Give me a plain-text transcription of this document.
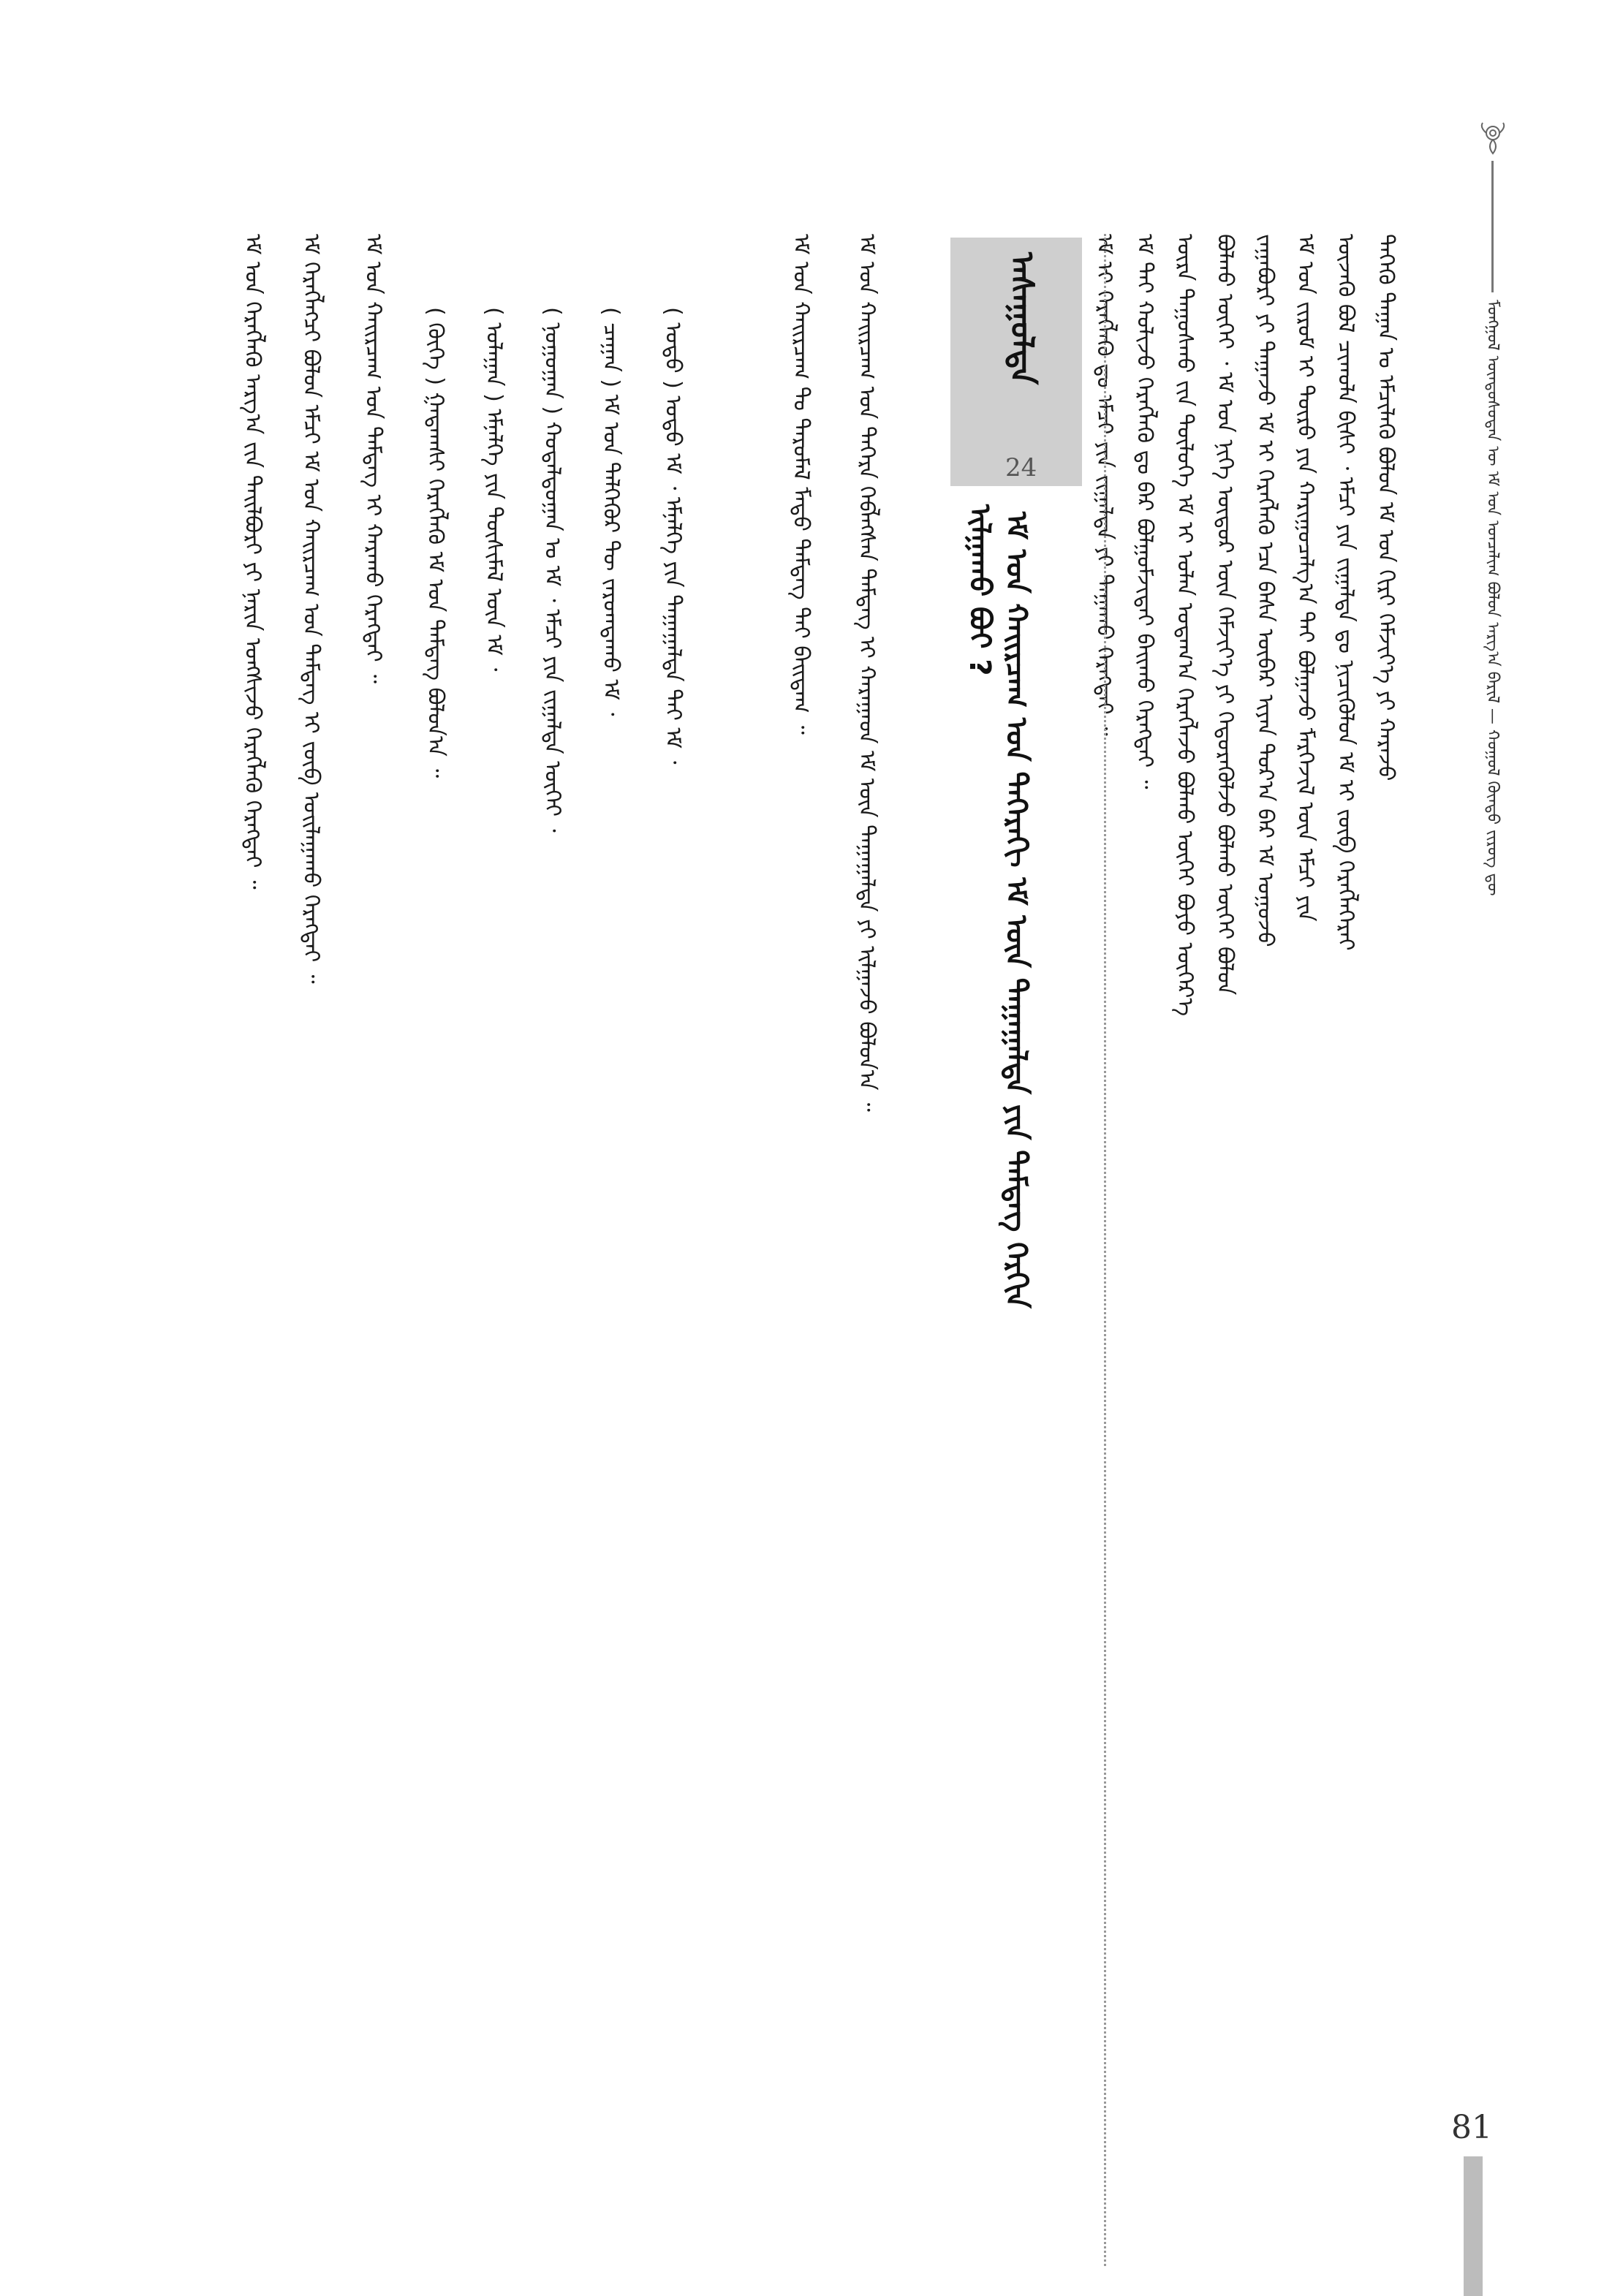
ᠮᠣᠩᠭᠣᠯ ᠦᠨᠳᠦᠰᠦᠲᠡᠨ ᠦ ᠡᠮ ᠤᠨ ᠣᠨᠴᠠᠯᠢᠭ ᠪᠣᠯᠤᠨ ᠠᠷᠭ᠎ᠠ ᠪᠠᠷᠢᠯ — ᠬᠣᠭᠣᠯ ᠬᠦᠨᠲᠦ ᠵᠢᠷᠦᠭ ᠳᠦ
ᠲᠡᠭᠡᠬᠦ ᠳᠠᠭᠠᠨ ᠤ ᠡᠮᠴᠢᠯᠡᠬᠦ ᠪᠣᠯᠤᠨ ᠡᠮ ᠤᠨ ᠬᠢᠷᠢ ᠬᠡᠮᠵᠢᠶ᠎ᠡ ᠶᠢ ᠬᠠᠷᠠᠵᠤ
ᠦᠵᠡᠬᠦ ᠪᠣᠯ ᠴᠢᠬᠤᠯᠠ ᠪᠢᠰᠢ ᠂ ᠡᠮᠴᠢ ᠶᠢᠨ ᠵᠢᠭᠠᠯᠲᠠ ᠳᠤ ᠨᠢᠴᠢᠭᠦᠯᠦᠨ ᠡᠮ ᠢ ᠵᠥᠪ ᠬᠡᠷᠡᠭᠯᠡᠭᠡᠷᠡᠢ
ᠡᠮ ᠤᠨ ᠵᠢᠷᠤᠮ ᠢ ᠲᠦᠷᠦ ᠶᠢᠨ ᠬᠠᠷᠢᠭᠤᠴᠠᠯᠭ᠎ᠠ ᠲᠠᠢ ᠪᠣᠯᠭᠠᠵᠤ ᠮᠡᠷᠭᠡᠵᠢᠯ ᠦᠨ ᠡᠮᠴᠢ ᠶᠢᠨ
ᠵᠠᠭᠠᠪᠤᠷᠢ ᠶᠢ ᠳᠠᠭᠠᠵᠤ ᠡᠮ ᠢ ᠬᠡᠷᠡᠭᠯᠡᠬᠦ ᠡᠴᠡ ᠪᠡᠰᠡ ᠥᠪᠡᠷ ᠢᠶᠡᠨ ᠳᠤᠷ᠎ᠠ ᠪᠠᠷ ᠡᠮ ᠤᠭᠤᠵᠤ
ᠪᠣᠯᠬᠤ ᠦᠭᠡᠢ ᠂ ᠡᠮ ᠤᠨ ᠨᠢᠭᠡ ᠦᠳᠦᠷ ᠦᠨ ᠬᠡᠮᠵᠢᠶ᠎ᠡ ᠶᠢ ᠬᠡᠲᠦᠷᠡᠭᠦᠯᠵᠦ ᠪᠣᠯᠬᠤ ᠦᠭᠡᠢ ᠪᠣᠯᠤᠨ
ᠦᠷᠡ ᠳᠠᠭᠤᠰᠬᠤ ᠵᠢᠨ ᠲᠥᠯᠦᠭᠡ ᠡᠮ ᠢ ᠣᠯᠠᠨ ᠤᠳᠠᠭ᠎ᠠ ᠬᠡᠷᠡᠭᠯᠡᠵᠦ ᠪᠣᠯᠬᠤ ᠦᠭᠡᠢ ᠪᠤᠶᠤ ᠥᠭᠡᠷ᠎ᠡ
ᠡᠮ ᠲᠡᠢ ᠬᠣᠯᠢᠵᠤ ᠬᠡᠷᠡᠭᠯᠡᠬᠦ ᠳᠤ ᠪᠡᠷ ᠪᠣᠯᠭᠣᠮᠵᠢᠲᠠᠢ ᠪᠠᠢᠬᠤ ᠬᠡᠷᠡᠭᠲᠡᠢ ᠃
ᠡᠮ ᠢ ᠬᠡᠷᠡᠭᠯᠡᠬᠦ ᠳᠤ ᠡᠮᠴᠢ ᠶᠢᠨ ᠵᠢᠭᠠᠯᠲᠠ ᠶᠢ ᠳᠠᠭᠠᠬᠤ ᠬᠡᠷᠡᠭᠲᠡᠢ ᠃
ᠠᠰᠠᠭᠤᠯᠲᠠ
24
ᠡᠮ ᠤᠨ ᠬᠠᠢᠷᠴᠠᠭ ᠤᠨ ᠳᠡᠭᠡᠷᠡᠬᠢ ᠡᠮ ᠦᠨ ᠳᠠᠭᠠᠭᠠᠯᠲᠠ ᠶᠢᠨ ᠲᠡᠮᠳᠡᠭ ᠬᠡᠷᠬᠢᠨ
ᠢᠯᠭᠠᠬᠤ ᠪᠤᠢ ?
ᠡᠮ ᠤᠨ ᠬᠠᠢᠷᠴᠠᠭ ᠤᠨ ᠳᠡᠭᠡᠷᠡ ᠬᠡᠪᠯᠡᠭᠰᠡᠨ ᠲᠡᠮᠳᠡᠭ ᠢ ᠬᠠᠷᠠᠭᠠᠳ ᠡᠮ ᠦᠨ ᠳᠠᠭᠠᠭᠠᠯᠲᠠ ᠶᠢ ᠢᠯᠭᠠᠵᠤ ᠪᠣᠯᠣᠨ᠎ᠠ ᠃
ᠡᠮ ᠤᠨ ᠬᠠᠢᠷᠴᠠᠭ ᠲᠤ ᠳᠠᠷᠤᠮᠠᠯ ᠮᠡᠲᠦ ᠲᠡᠮᠳᠡᠭ ᠲᠠᠢ ᠪᠠᠢᠳᠠᠭ ᠃
( ᠣᠲᠣ ) ᠣᠲᠣ ᠡᠮ ᠂ ᠡᠮᠨᠡᠯᠭᠡ ᠶᠢᠨ ᠳᠠᠭᠠᠭᠠᠯᠲᠠ ᠲᠠᠢ ᠡᠮ ᠂
( ᠴᠠᠭᠠᠨ ) ᠡᠮ ᠤᠨ ᠳᠡᠯᠭᠡᠭᠦᠷ ᠲᠦ ᠵᠠᠷᠤᠭᠳᠠᠬᠤ ᠡᠮ ᠂
( ᠨᠣᠭᠣᠭᠠᠨ ) ᠬᠤᠳᠠᠯᠳᠤᠭᠠᠨ ᠤ ᠡᠮ ᠂ ᠡᠮᠴᠢ ᠶᠢᠨ ᠵᠢᠭᠠᠯᠲᠠ ᠦᠭᠡᠢ ᠂
( ᠤᠯᠠᠭᠠᠨ ) ᠡᠮᠨᠡᠯᠭᠡ ᠶᠢᠨ ᠲᠦᠰᠢᠮᠡᠯ ᠦᠨ ᠡᠮ ᠂
( ᠬᠥᠬᠡ ) ᠭᠠᠳᠠᠭᠰᠢ ᠬᠡᠷᠡᠭᠯᠡᠬᠦ ᠡᠮ ᠤᠨ ᠲᠡᠮᠳᠡᠭ ᠪᠣᠯᠤᠨ᠎ᠠ ᠃
ᠡᠮ ᠤᠨ ᠬᠠᠢᠷᠴᠠᠭ ᠤᠨ ᠲᠡᠮᠳᠡᠭ ᠢ ᠬᠠᠷᠠᠬᠤ ᠬᠡᠷᠡᠭᠲᠡᠢ ᠃
ᠡᠮ ᠬᠡᠷᠡᠭᠯᠡᠭᠴᠢ ᠪᠣᠯᠤᠨ ᠡᠮᠴᠢ ᠡᠮ ᠤᠨ ᠬᠠᠢᠷᠴᠠᠭ ᠤᠨ ᠲᠡᠮᠳᠡᠭ ᠢ ᠵᠥᠪ ᠣᠢᠯᠠᠭᠠᠬᠤ ᠬᠡᠷᠡᠭᠲᠡᠢ ᠃
ᠡᠮ ᠤᠨ ᠬᠡᠷᠡᠭᠯᠡᠬᠦ ᠠᠷᠭ᠎ᠠ ᠵᠢᠨ ᠲᠠᠢᠯᠪᠤᠷᠢ ᠶᠢ ᠨᠠᠷᠢᠨ ᠤᠩᠰᠢᠵᠤ ᠬᠡᠷᠡᠭᠯᠡᠬᠦ ᠬᠡᠷᠡᠭᠲᠡᠢ ᠃
81
